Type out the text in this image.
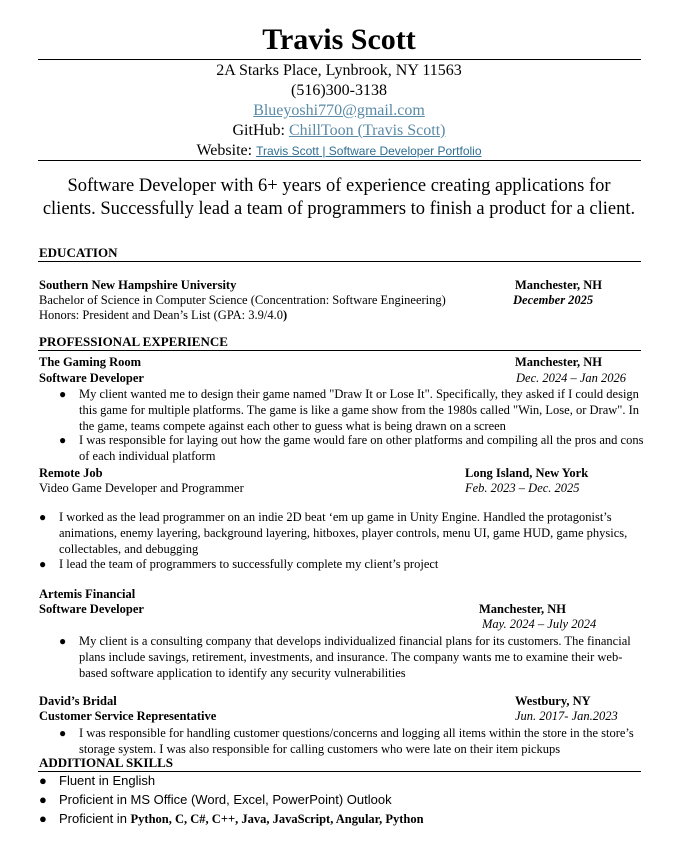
Travis Scott
2A Starks Place, Lynbrook, NY 11563
(516)300-3138
Blueyoshi770@gmail.com
GitHub: ChillToon (Travis Scott)
Website: Travis Scott | Software Developer Portfolio
Software Developer with 6+ years of experience creating applications for clients. Successfully lead a team of programmers to finish a product for a client.
EDUCATION
Southern New Hampshire University	Manchester, NH
Bachelor of Science in Computer Science (Concentration: Software Engineering)	December 2025
Honors: President and Dean’s List (GPA: 3.9/4.0)
PROFESSIONAL EXPERIENCE
The Gaming Room	Manchester, NH
Software Developer	Dec. 2024 – Jan 2026
● My client wanted me to design their game named "Draw It or Lose It". Specifically, they asked if I could design this game for multiple platforms. The game is like a game show from the 1980s called "Win, Lose, or Draw". In the game, teams compete against each other to guess what is being drawn on a screen
● I was responsible for laying out how the game would fare on other platforms and compiling all the pros and cons of each individual platform
Remote Job	Long Island, New York
Video Game Developer and Programmer	Feb. 2023 – Dec. 2025
● I worked as the lead programmer on an indie 2D beat ‘em up game in Unity Engine. Handled the protagonist’s animations, enemy layering, background layering, hitboxes, player controls, menu UI, game HUD, game physics, collectables, and debugging
● I lead the team of programmers to successfully complete my client’s project
Artemis Financial
Software Developer	Manchester, NH
May. 2024 – July 2024
● My client is a consulting company that develops individualized financial plans for its customers. The financial plans include savings, retirement, investments, and insurance. The company wants me to examine their web-based software application to identify any security vulnerabilities
David’s Bridal	Westbury, NY
Customer Service Representative	Jun. 2017- Jan.2023
● I was responsible for handling customer questions/concerns and logging all items within the store in the store’s storage system. I was also responsible for calling customers who were late on their item pickups
ADDITIONAL SKILLS
● Fluent in English
● Proficient in MS Office (Word, Excel, PowerPoint) Outlook
● Proficient in Python, C, C#, C++, Java, JavaScript, Angular, Python
